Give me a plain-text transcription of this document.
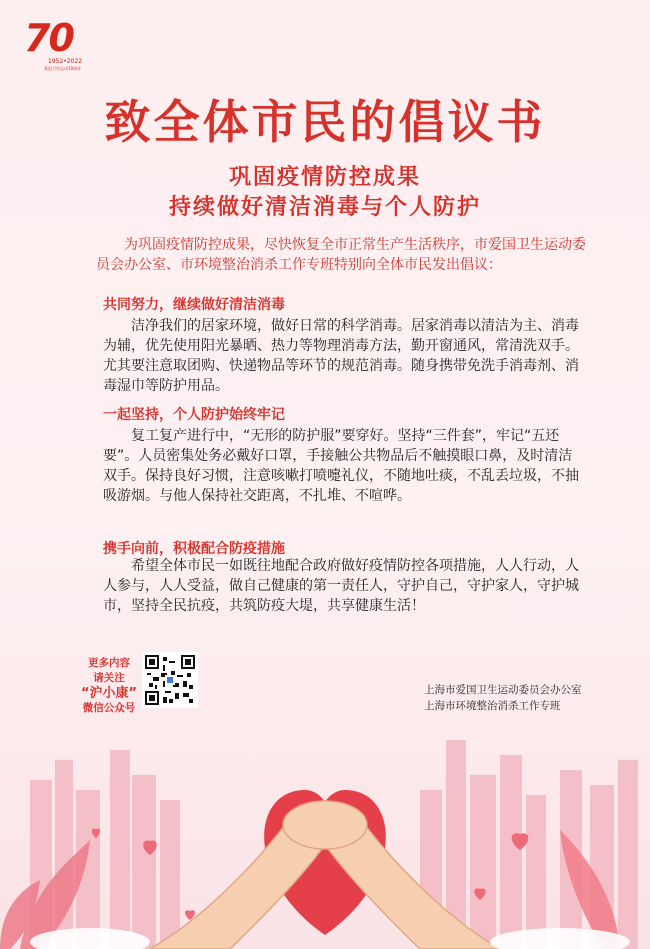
70
1952•2022
爱国卫生运动70周年
致全体市民的倡议书
巩固疫情防控成果
持续做好清洁消毒与个人防护

为巩固疫情防控成果，尽快恢复全市正常生产生活秩序，市爱国卫生运动委员会办公室、市环境整治消杀工作专班特别向全体市民发出倡议：

共同努力，继续做好清洁消毒

洁净我们的居家环境，做好日常的科学消毒。居家消毒以清洁为主、消毒为辅，优先使用阳光暴晒、热力等物理消毒方法，勤开窗通风，常清洗双手。尤其要注意取团购、快递物品等环节的规范消毒。随身携带免洗手消毒剂、消毒湿巾等防护用品。

一起坚持，个人防护始终牢记

复工复产进行中，“无形的防护服”要穿好。坚持“三件套”，牢记“五还要”。人员密集处务必戴好口罩，手接触公共物品后不触摸眼口鼻，及时清洁双手。保持良好习惯，注意咳嗽打喷嚏礼仪，不随地吐痰，不乱丢垃圾，不抽吸游烟。与他人保持社交距离，不扎堆、不喧哗。

携手向前，积极配合防疫措施

希望全体市民一如既往地配合政府做好疫情防控各项措施，人人行动，人人参与，人人受益，做自己健康的第一责任人，守护自己，守护家人，守护城市，坚持全民抗疫，共筑防疫大堤，共享健康生活！

更多内容
请关注
“沪小康”
微信公众号
上海市爱国卫生运动委员会办公室
上海市环境整治消杀工作专班
